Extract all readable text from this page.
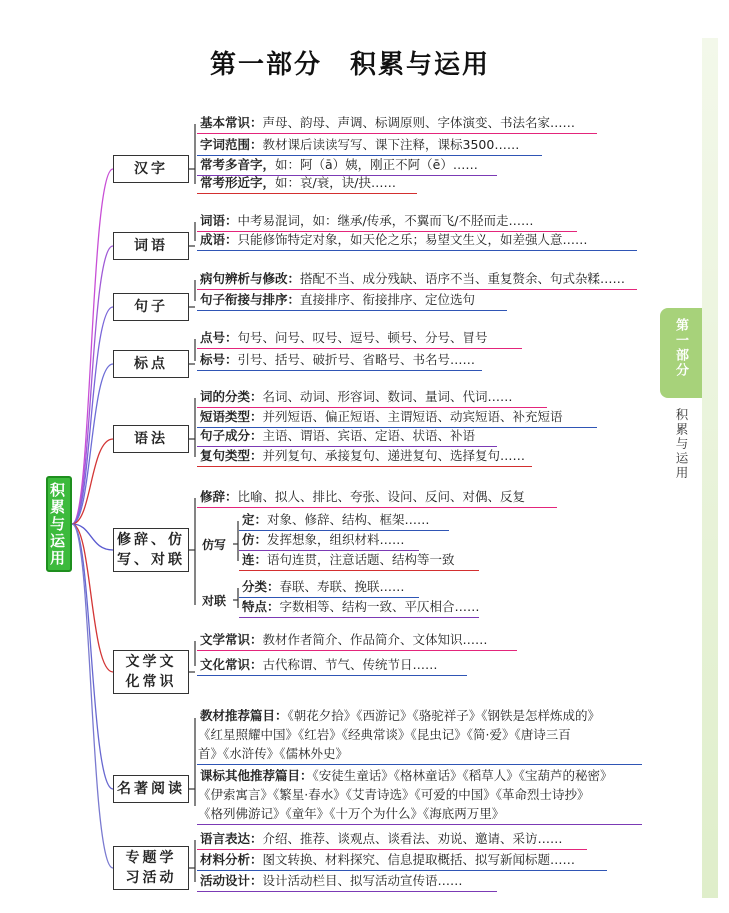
第一部分 积累与运用
积累与运用
汉字
基本常识：声母、韵母、声调、标调原则、字体演变、书法名家……
字词范围：教材课后读读写写、课下注释，课标3500……
常考多音字，如：阿（ā）姨，刚正不阿（ē）……
常考形近字，如：哀/衰，诀/抉……
词语
词语：中考易混词，如：继承/传承，不翼而飞/不胫而走……
成语：只能修饰特定对象，如天伦之乐；易望文生义，如差强人意……
句子
病句辨析与修改：搭配不当、成分残缺、语序不当、重复赘余、句式杂糅……
句子衔接与排序：直接排序、衔接排序、定位选句
标点
点号：句号、问号、叹号、逗号、顿号、分号、冒号
标号：引号、括号、破折号、省略号、书名号……
语法
词的分类：名词、动词、形容词、数词、量词、代词……
短语类型：并列短语、偏正短语、主谓短语、动宾短语、补充短语
句子成分：主语、谓语、宾语、定语、状语、补语
复句类型：并列复句、承接复句、递进复句、选择复句……
修辞、仿
写、对联
修辞：比喻、拟人、排比、夸张、设问、反问、对偶、反复
仿写
定：对象、修辞、结构、框架……
仿：发挥想象，组织材料……
连：语句连贯，注意话题、结构等一致
对联
分类：春联、寿联、挽联……
特点：字数相等、结构一致、平仄相合……
文学文
化常识
文学常识：教材作者简介、作品简介、文体知识……
文化常识：古代称谓、节气、传统节日……
名著阅读
教材推荐篇目：《朝花夕拾》《西游记》《骆驼祥子》《钢铁是怎样炼成的》
《红星照耀中国》《红岩》《经典常谈》《昆虫记》《简·爱》《唐诗三百
首》《水浒传》《儒林外史》
课标其他推荐篇目：《安徒生童话》《格林童话》《稻草人》《宝葫芦的秘密》
《伊索寓言》《繁星·春水》《艾青诗选》《可爱的中国》《革命烈士诗抄》
《格列佛游记》《童年》《十万个为什么》《海底两万里》
专题学
习活动
语言表达：介绍、推荐、谈观点、谈看法、劝说、邀请、采访……
材料分析：图文转换、材料探究、信息提取概括、拟写新闻标题……
活动设计：设计活动栏目、拟写活动宣传语……
第一部分
积累与运用
